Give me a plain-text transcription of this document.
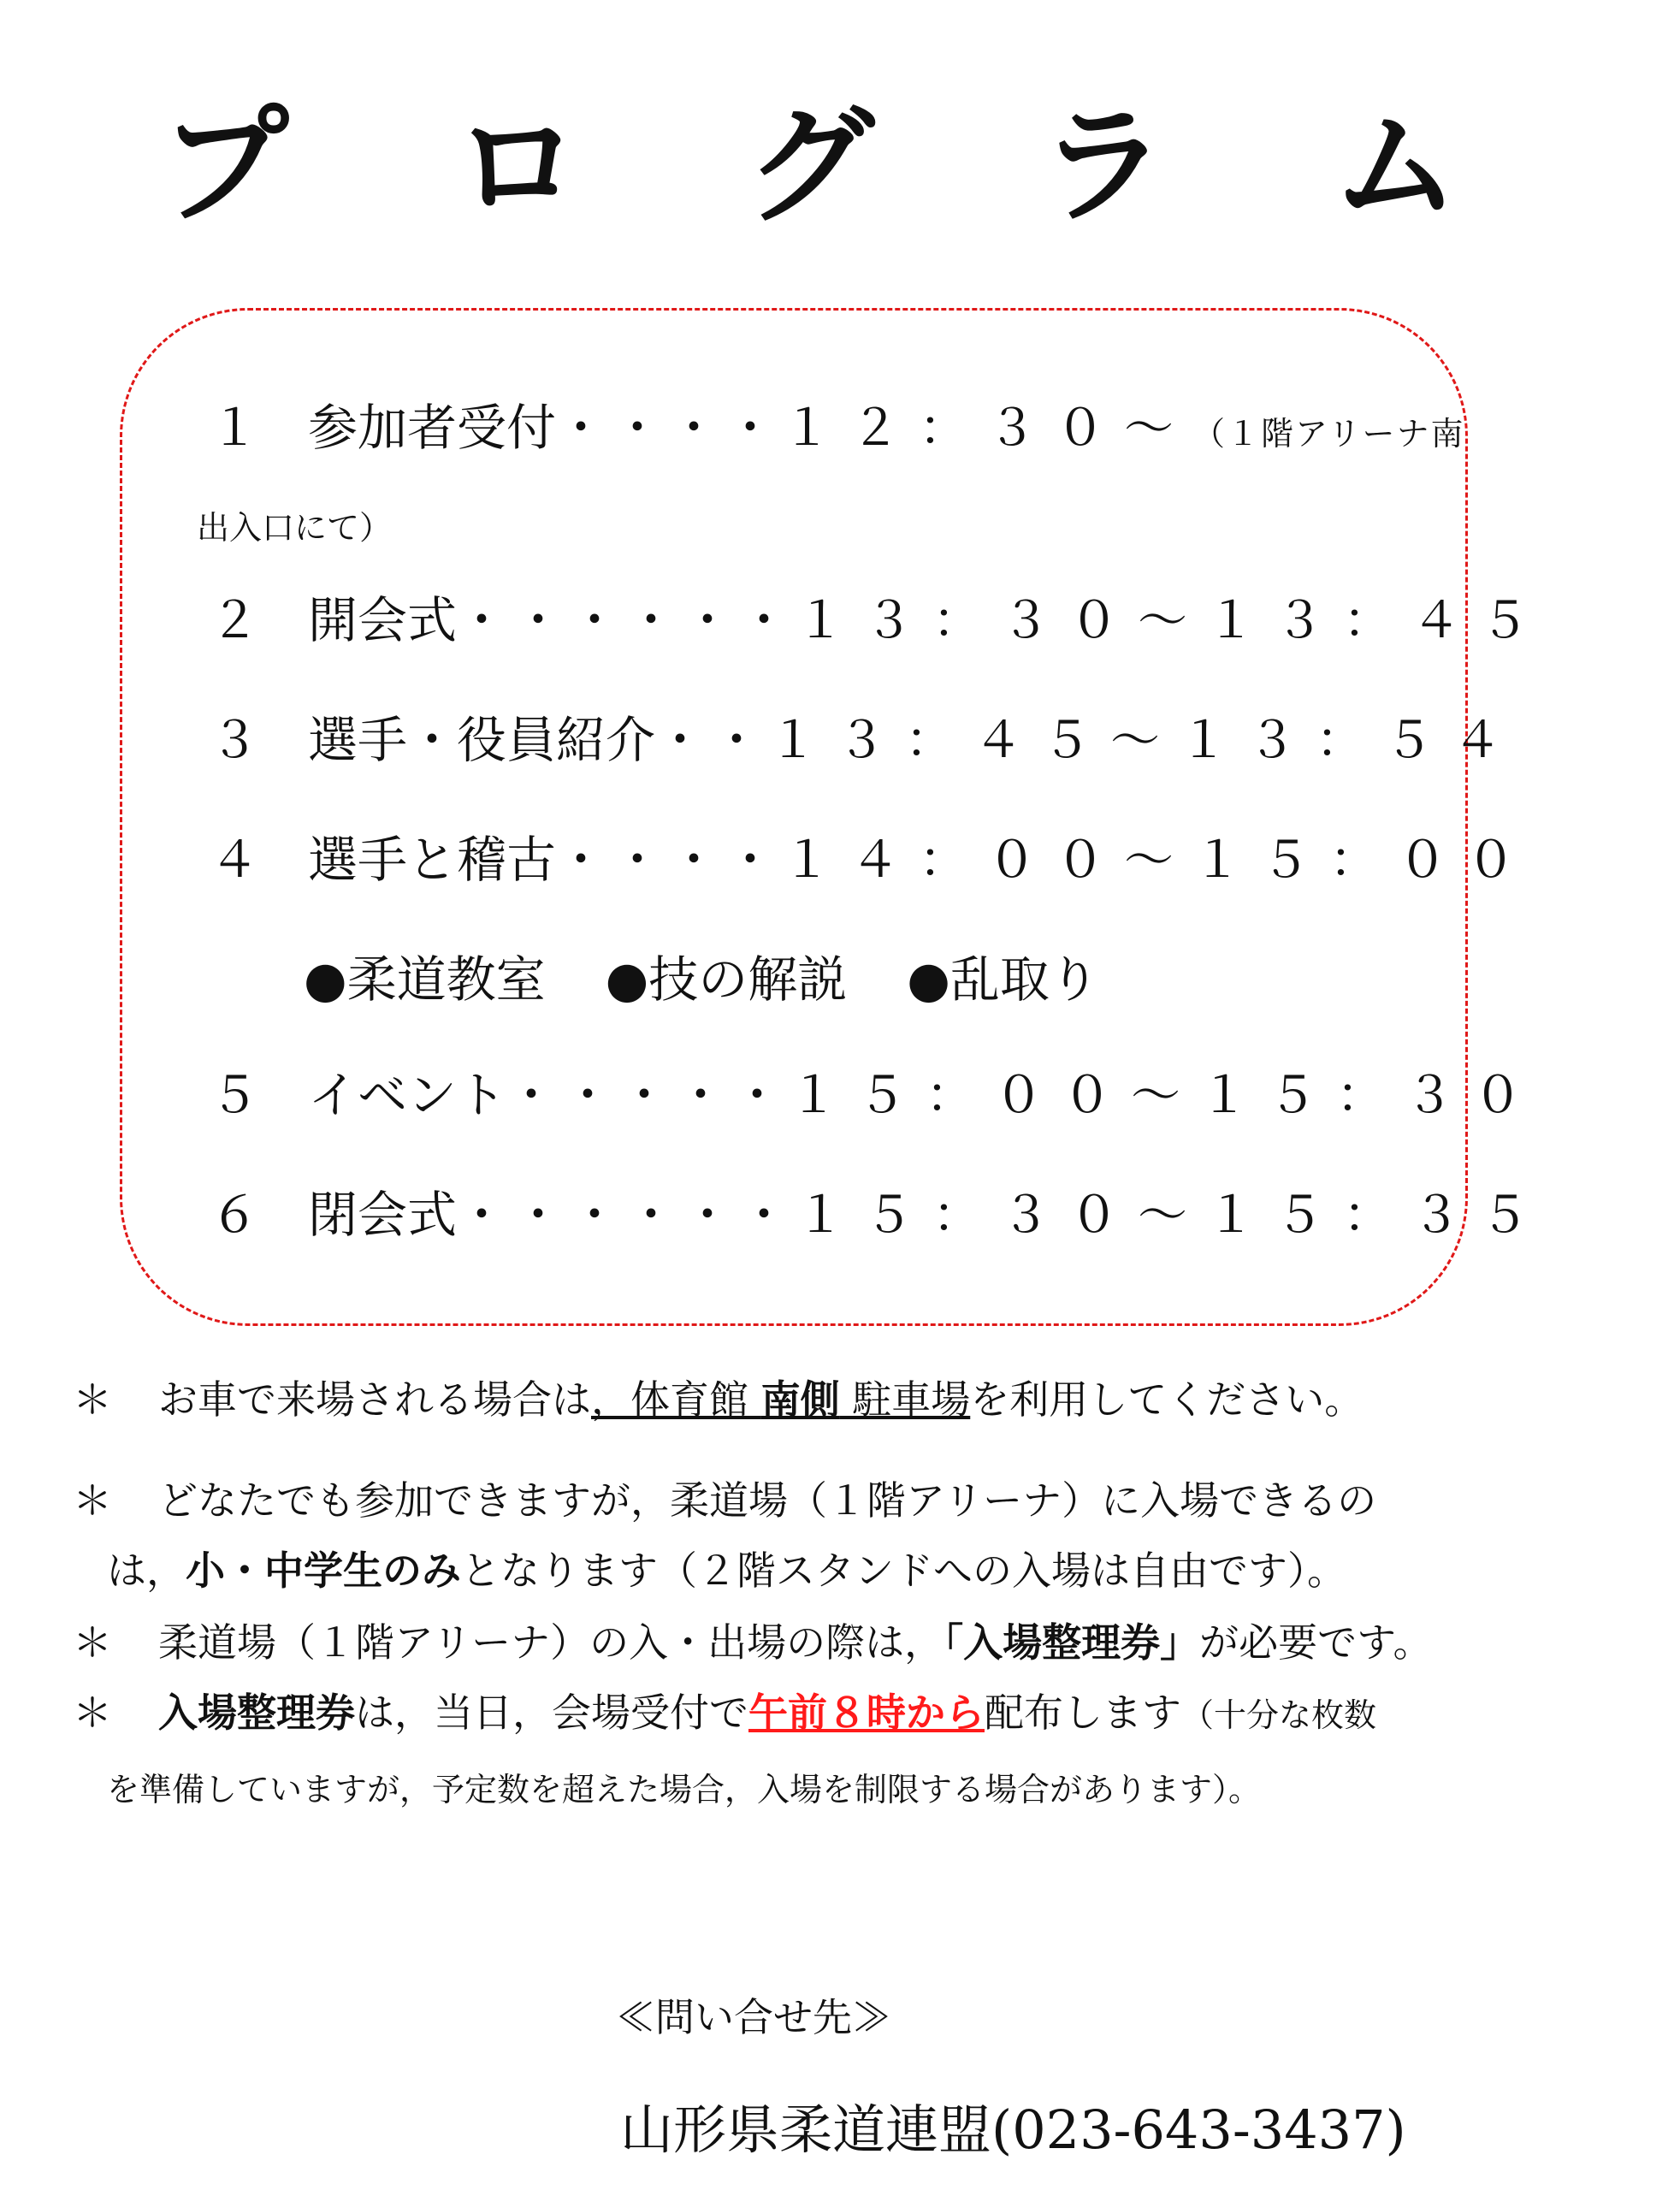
プ ロ グ ラ ム
１ 参加者受付・・・・１２：３０～（１階アリーナ南
出入口にて）
２ 開会式・・・・・・１３：３０～１３：４５
３ 選手・役員紹介・・１３：４５～１３：５４
４ 選手と稽古・・・・１４：００～１５：００
●柔道教室 ●技の解説 ●乱取り
５ イベント・・・・・１５：００～１５：３０
６ 閉会式・・・・・・１５：３０～１５：３５
＊ お車で来場される場合は，体育館 南側 駐車場を利用してください。
＊ どなたでも参加できますが，柔道場（１階アリーナ）に入場できるの
は，小・中学生のみとなります（２階スタンドへの入場は自由です）。
＊ 柔道場（１階アリーナ）の入・出場の際は，「入場整理券」が必要です。
＊ 入場整理券は，当日，会場受付で午前８時から配布します（十分な枚数
を準備していますが，予定数を超えた場合，入場を制限する場合があります）。
≪問い合せ先≫
山形県柔道連盟(023-643-3437)
